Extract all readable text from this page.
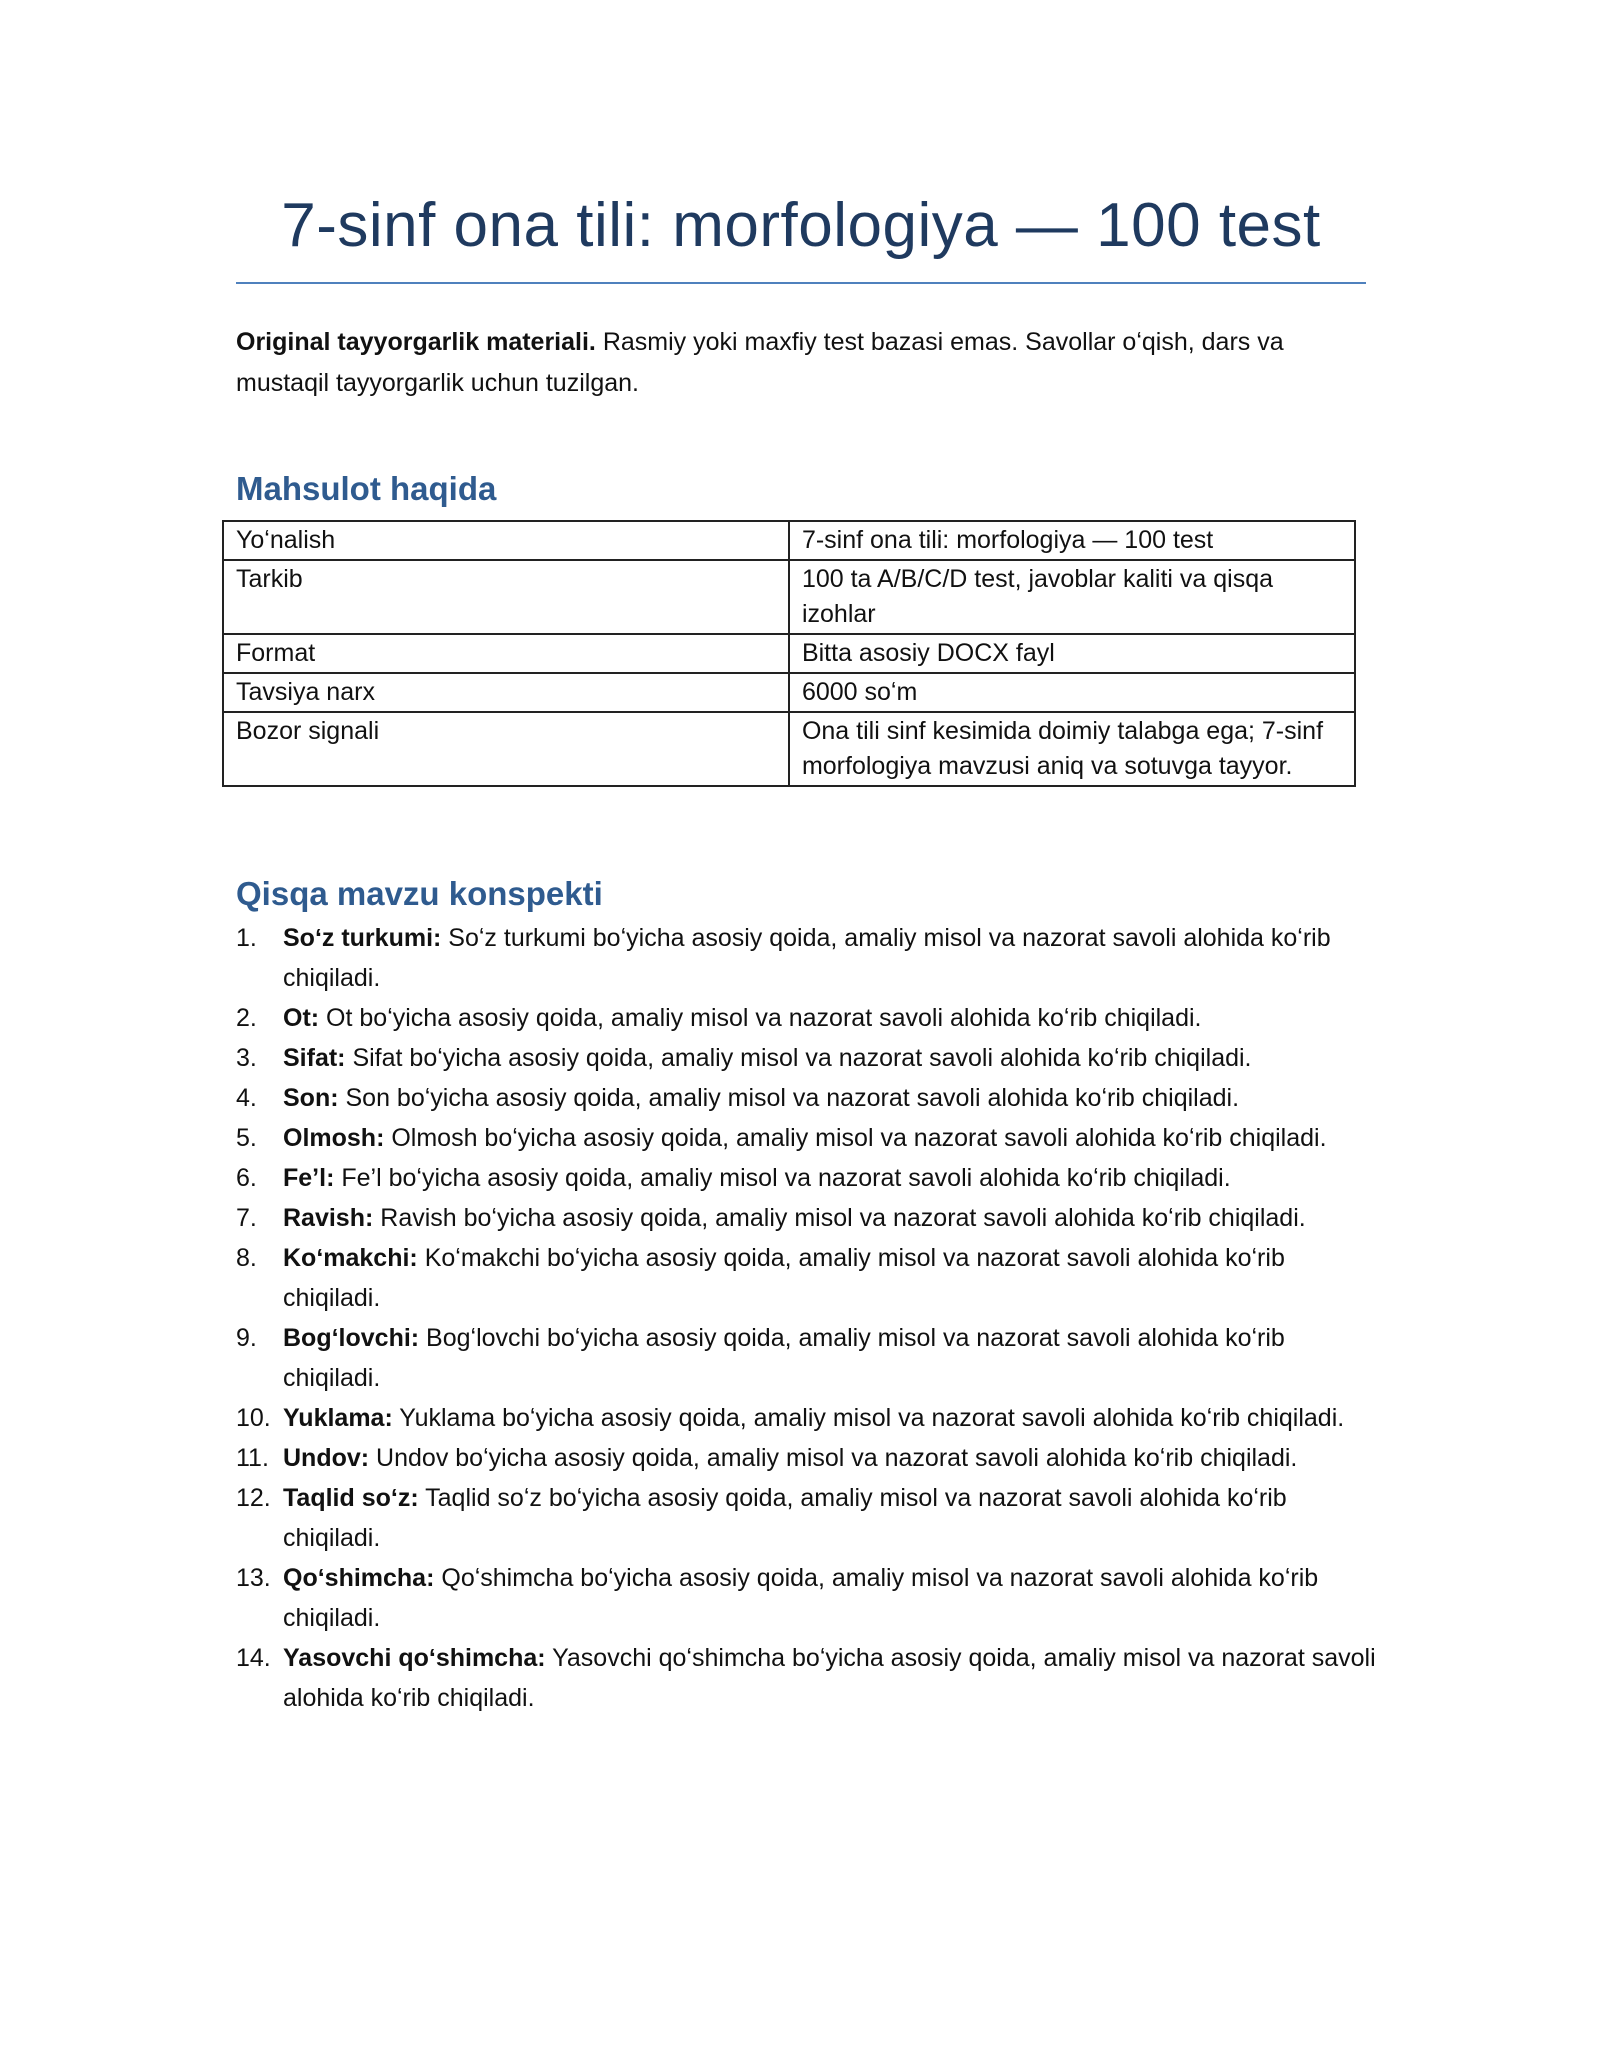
7-sinf ona tili: morfologiya — 100 test

Original tayyorgarlik materiali. Rasmiy yoki maxfiy test bazasi emas. Savollar oʻqish, dars va mustaqil tayyorgarlik uchun tuzilgan.

Mahsulot haqida
Yoʻnalish	7-sinf ona tili: morfologiya — 100 test
Tarkib	100 ta A/B/C/D test, javoblar kaliti va qisqa izohlar
Format	Bitta asosiy DOCX fayl
Tavsiya narx	6000 soʻm
Bozor signali	Ona tili sinf kesimida doimiy talabga ega; 7-sinf morfologiya mavzusi aniq va sotuvga tayyor.
Qisqa mavzu konspekti
1. Soʻz turkumi: Soʻz turkumi boʻyicha asosiy qoida, amaliy misol va nazorat savoli alohida koʻrib chiqiladi.
2. Ot: Ot boʻyicha asosiy qoida, amaliy misol va nazorat savoli alohida koʻrib chiqiladi.
3. Sifat: Sifat boʻyicha asosiy qoida, amaliy misol va nazorat savoli alohida koʻrib chiqiladi.
4. Son: Son boʻyicha asosiy qoida, amaliy misol va nazorat savoli alohida koʻrib chiqiladi.
5. Olmosh: Olmosh boʻyicha asosiy qoida, amaliy misol va nazorat savoli alohida koʻrib chiqiladi.
6. Fe’l: Fe’l boʻyicha asosiy qoida, amaliy misol va nazorat savoli alohida koʻrib chiqiladi.
7. Ravish: Ravish boʻyicha asosiy qoida, amaliy misol va nazorat savoli alohida koʻrib chiqiladi.
8. Koʻmakchi: Koʻmakchi boʻyicha asosiy qoida, amaliy misol va nazorat savoli alohida koʻrib chiqiladi.
9. Bogʻlovchi: Bogʻlovchi boʻyicha asosiy qoida, amaliy misol va nazorat savoli alohida koʻrib chiqiladi.
10. Yuklama: Yuklama boʻyicha asosiy qoida, amaliy misol va nazorat savoli alohida koʻrib chiqiladi.
11. Undov: Undov boʻyicha asosiy qoida, amaliy misol va nazorat savoli alohida koʻrib chiqiladi.
12. Taqlid soʻz: Taqlid soʻz boʻyicha asosiy qoida, amaliy misol va nazorat savoli alohida koʻrib chiqiladi.
13. Qoʻshimcha: Qoʻshimcha boʻyicha asosiy qoida, amaliy misol va nazorat savoli alohida koʻrib chiqiladi.
14. Yasovchi qoʻshimcha: Yasovchi qoʻshimcha boʻyicha asosiy qoida, amaliy misol va nazorat savoli alohida koʻrib chiqiladi.
